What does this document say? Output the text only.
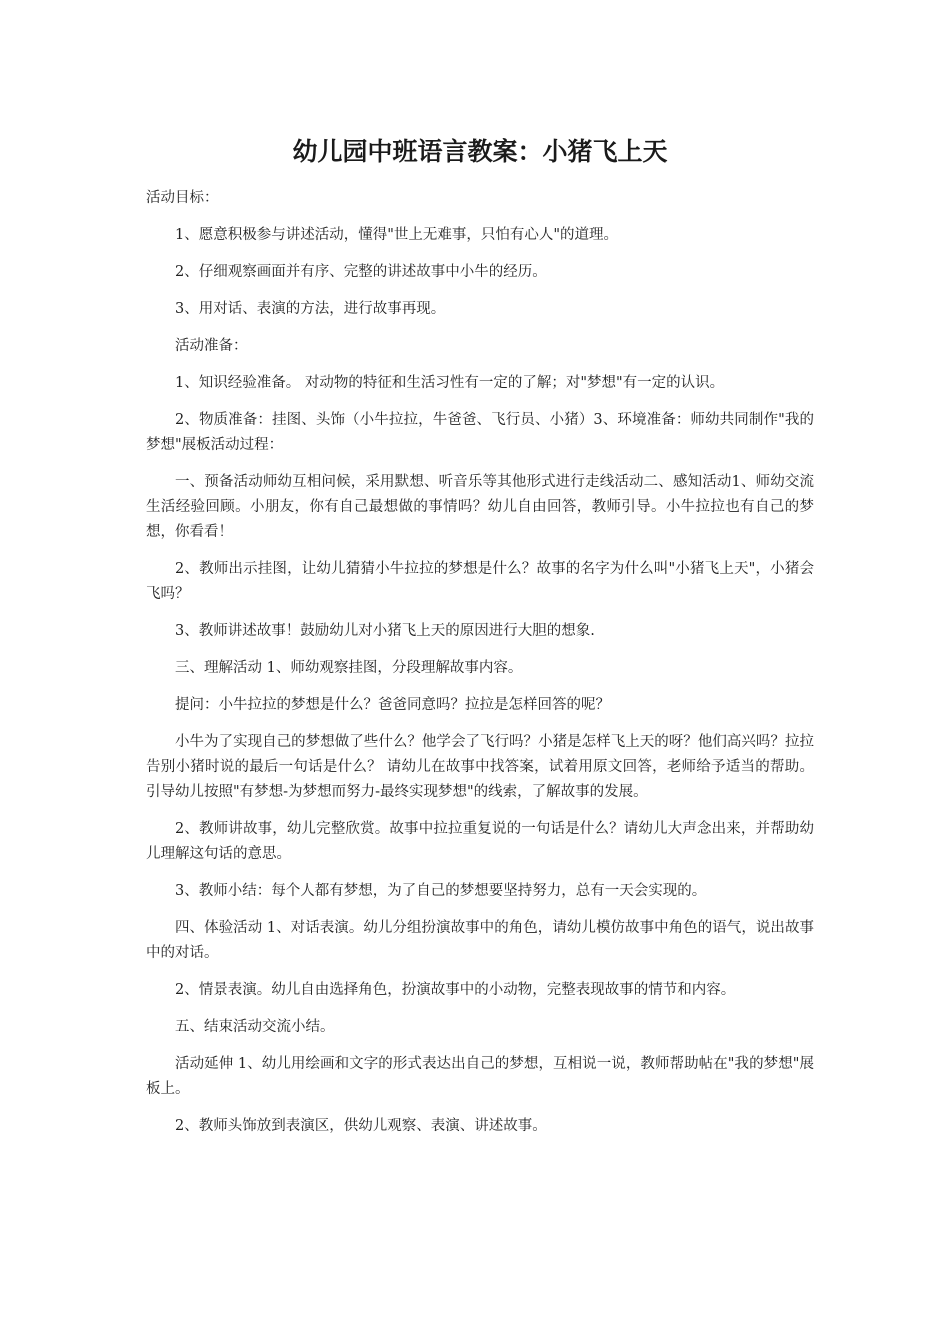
幼儿园中班语言教案：小猪飞上天

活动目标：

1、愿意积极参与讲述活动，懂得"世上无难事，只怕有心人"的道理。

2、仔细观察画面并有序、完整的讲述故事中小牛的经历。

3、用对话、表演的方法，进行故事再现。

活动准备：

1、知识经验准备。 对动物的特征和生活习性有一定的了解；对"梦想"有一定的认识。

2、物质准备：挂图、头饰（小牛拉拉，牛爸爸、飞行员、小猪）3、环境准备：师幼共同制作"我的梦想"展板活动过程：

一、预备活动师幼互相问候，采用默想、听音乐等其他形式进行走线活动二、感知活动1、师幼交流生活经验回顾。小朋友，你有自己最想做的事情吗？幼儿自由回答，教师引导。小牛拉拉也有自己的梦想，你看看！

2、教师出示挂图，让幼儿猜猜小牛拉拉的梦想是什么？故事的名字为什么叫"小猪飞上天"，小猪会飞吗？

3、教师讲述故事！鼓励幼儿对小猪飞上天的原因进行大胆的想象.

三、理解活动 1、师幼观察挂图，分段理解故事内容。

提问：小牛拉拉的梦想是什么？爸爸同意吗？拉拉是怎样回答的呢？

小牛为了实现自己的梦想做了些什么？他学会了飞行吗？小猪是怎样飞上天的呀？他们高兴吗？拉拉告别小猪时说的最后一句话是什么？ 请幼儿在故事中找答案，试着用原文回答，老师给予适当的帮助。引导幼儿按照"有梦想-为梦想而努力-最终实现梦想"的线索，了解故事的发展。

2、教师讲故事，幼儿完整欣赏。故事中拉拉重复说的一句话是什么？请幼儿大声念出来，并帮助幼儿理解这句话的意思。

3、教师小结：每个人都有梦想，为了自己的梦想要坚持努力，总有一天会实现的。

四、体验活动 1、对话表演。幼儿分组扮演故事中的角色，请幼儿模仿故事中角色的语气，说出故事中的对话。

2、情景表演。幼儿自由选择角色，扮演故事中的小动物，完整表现故事的情节和内容。

五、结束活动交流小结。

活动延伸 1、幼儿用绘画和文字的形式表达出自己的梦想，互相说一说，教师帮助帖在"我的梦想"展板上。

2、教师头饰放到表演区，供幼儿观察、表演、讲述故事。
